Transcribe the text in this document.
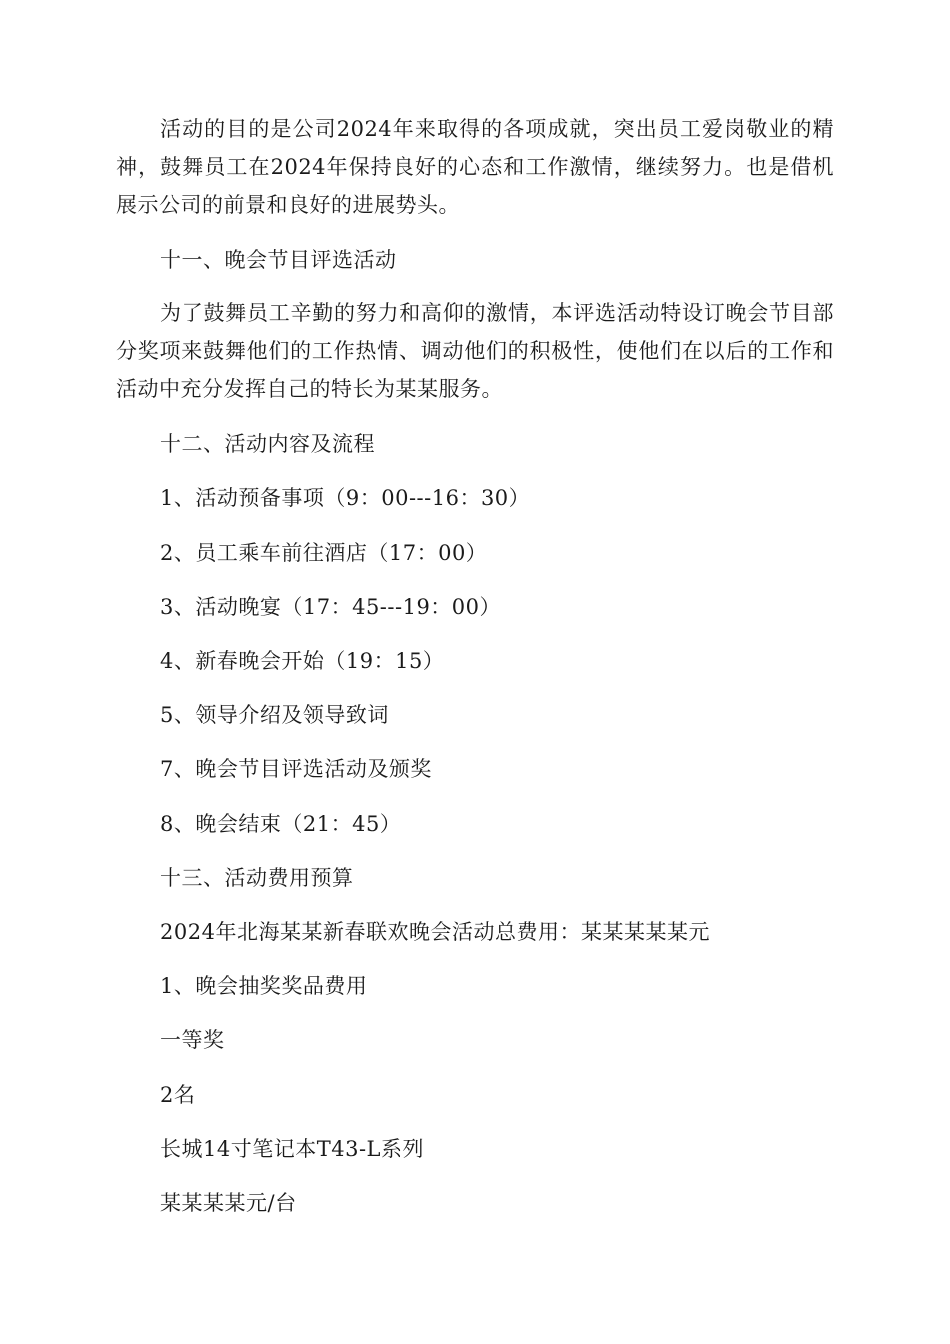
活动的目的是公司2024年来取得的各项成就，突出员工爱岗敬业的精神，鼓舞员工在2024年保持良好的心态和工作激情，继续努力。也是借机展示公司的前景和良好的进展势头。

十一、晚会节目评选活动

为了鼓舞员工辛勤的努力和高仰的激情，本评选活动特设订晚会节目部分奖项来鼓舞他们的工作热情、调动他们的积极性，使他们在以后的工作和活动中充分发挥自己的特长为某某服务。

十二、活动内容及流程

1、活动预备事项（9：00---16：30）

2、员工乘车前往酒店（17：00）

3、活动晚宴（17：45---19：00）

4、新春晚会开始（19：15）

5、领导介绍及领导致词

7、晚会节目评选活动及颁奖

8、晚会结束（21：45）

十三、活动费用预算

2024年北海某某新春联欢晚会活动总费用：某某某某某元

1、晚会抽奖奖品费用

一等奖

2名

长城14寸笔记本T43-L系列

某某某某元/台
